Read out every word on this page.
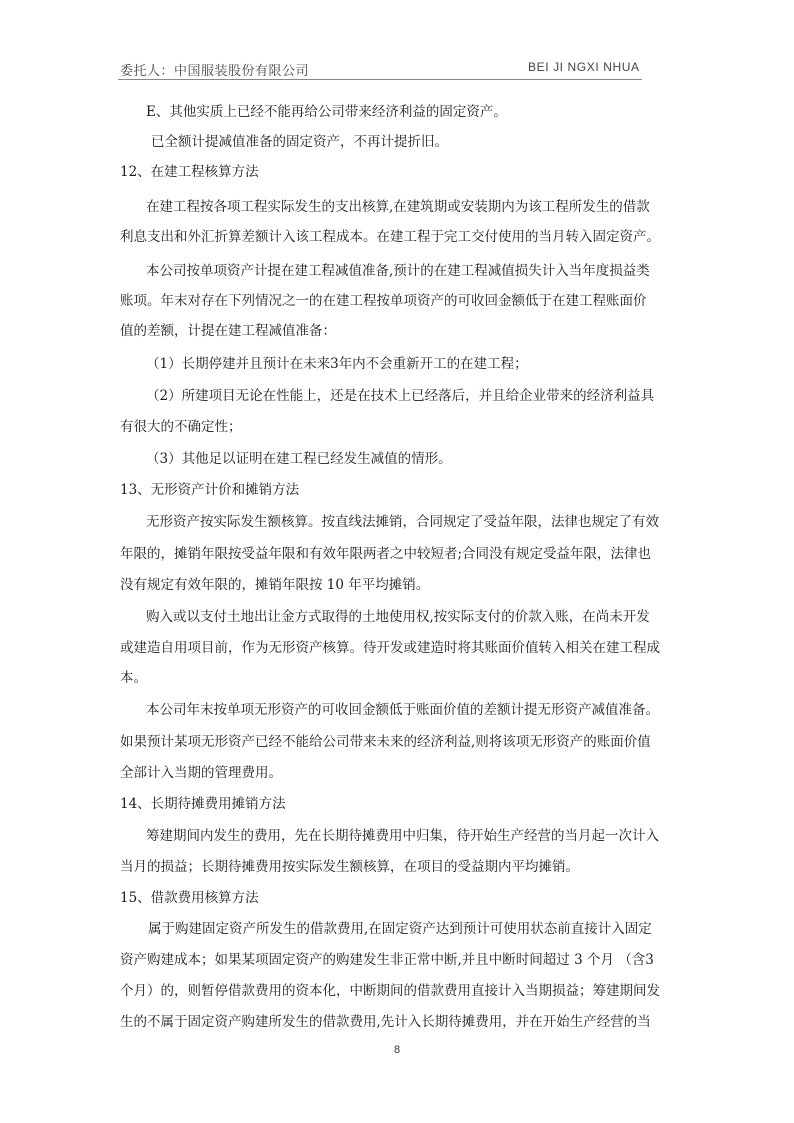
委托人：中国服装股份有限公司	BEI JI NGXI NHUA
E、其他实质上已经不能再给公司带来经济利益的固定资产。
已全额计提减值准备的固定资产，不再计提折旧。
12、在建工程核算方法
在建工程按各项工程实际发生的支出核算,在建筑期或安装期内为该工程所发生的借款
利息支出和外汇折算差额计入该工程成本。在建工程于完工交付使用的当月转入固定资产。
本公司按单项资产计提在建工程减值准备,预计的在建工程减值损失计入当年度损益类
账项。年末对存在下列情况之一的在建工程按单项资产的可收回金额低于在建工程账面价
值的差额，计提在建工程减值准备：
（1）长期停建并且预计在未来3年内不会重新开工的在建工程；
（2）所建项目无论在性能上，还是在技术上已经落后，并且给企业带来的经济利益具
有很大的不确定性；
（3）其他足以证明在建工程已经发生减值的情形。
13、无形资产计价和摊销方法
无形资产按实际发生额核算。按直线法摊销，合同规定了受益年限，法律也规定了有效
年限的，摊销年限按受益年限和有效年限两者之中较短者;合同没有规定受益年限，法律也
没有规定有效年限的，摊销年限按 10 年平均摊销。
购入或以支付土地出让金方式取得的土地使用权,按实际支付的价款入账，在尚未开发
或建造自用项目前，作为无形资产核算。待开发或建造时将其账面价值转入相关在建工程成
本。
本公司年末按单项无形资产的可收回金额低于账面价值的差额计提无形资产减值准备。
如果预计某项无形资产已经不能给公司带来未来的经济利益,则将该项无形资产的账面价值
全部计入当期的管理费用。
14、长期待摊费用摊销方法
筹建期间内发生的费用，先在长期待摊费用中归集，待开始生产经营的当月起一次计入
当月的损益；长期待摊费用按实际发生额核算，在项目的受益期内平均摊销。
15、借款费用核算方法
属于购建固定资产所发生的借款费用,在固定资产达到预计可使用状态前直接计入固定
资产购建成本；如果某项固定资产的购建发生非正常中断,并且中断时间超过 3 个月 （含3
个月）的，则暂停借款费用的资本化，中断期间的借款费用直接计入当期损益；筹建期间发
生的不属于固定资产购建所发生的借款费用,先计入长期待摊费用，并在开始生产经营的当
8
